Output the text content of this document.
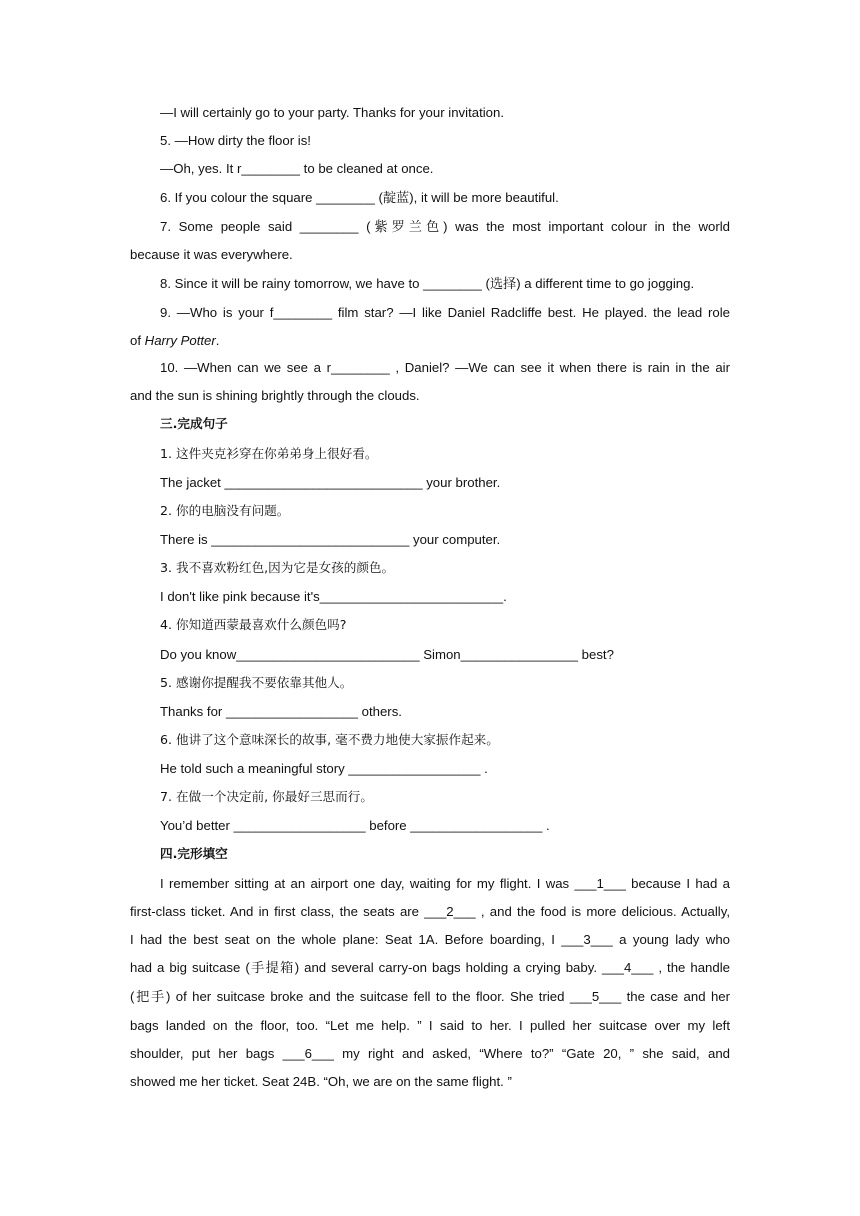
—I will certainly go to your party. Thanks for your invitation.
5. —How dirty the floor is!
—Oh, yes. It r________ to be cleaned at once.
6. If you colour the square ________ (靛蓝), it will be more beautiful.
7. Some people said ________ (紫罗兰色) was the most important colour in the world
because it was everywhere.
8. Since it will be rainy tomorrow, we have to ________ (选择) a different time to go jogging.
9. —Who is your f________ film star? —I like Daniel Radcliffe best. He played. the lead role
of Harry Potter.
10. —When can we see a r________ , Daniel? —We can see it when there is rain in the air
and the sun is shining brightly through the clouds.
三.完成句子
1. 这件夹克衫穿在你弟弟身上很好看。
The jacket ___________________________ your brother.
2. 你的电脑没有问题。
There is ___________________________ your computer.
3. 我不喜欢粉红色,因为它是女孩的颜色。
I don't like pink because it's_________________________.
4. 你知道西蒙最喜欢什么颜色吗?
Do you know_________________________ Simon________________ best?
5. 感谢你提醒我不要依靠其他人。
Thanks for __________________ others.
6. 他讲了这个意味深长的故事, 毫不费力地使大家振作起来。
He told such a meaningful story __________________ .
7. 在做一个决定前, 你最好三思而行。
You’d better __________________ before __________________ .
四.完形填空
I remember sitting at an airport one day, waiting for my flight. I was ___1___ because I had a
first-class ticket. And in first class, the seats are ___2___ , and the food is more delicious. Actually,
I had the best seat on the whole plane: Seat 1A. Before boarding, I ___3___ a young lady who
had a big suitcase (手提箱) and several carry-on bags holding a crying baby. ___4___ , the handle
(把手) of her suitcase broke and the suitcase fell to the floor. She tried ___5___ the case and her
bags landed on the floor, too. “Let me help. ” I said to her. I pulled her suitcase over my left
shoulder, put her bags ___6___ my right and asked, “Where to?” “Gate 20, ” she said, and
showed me her ticket. Seat 24B. “Oh, we are on the same flight. ”
